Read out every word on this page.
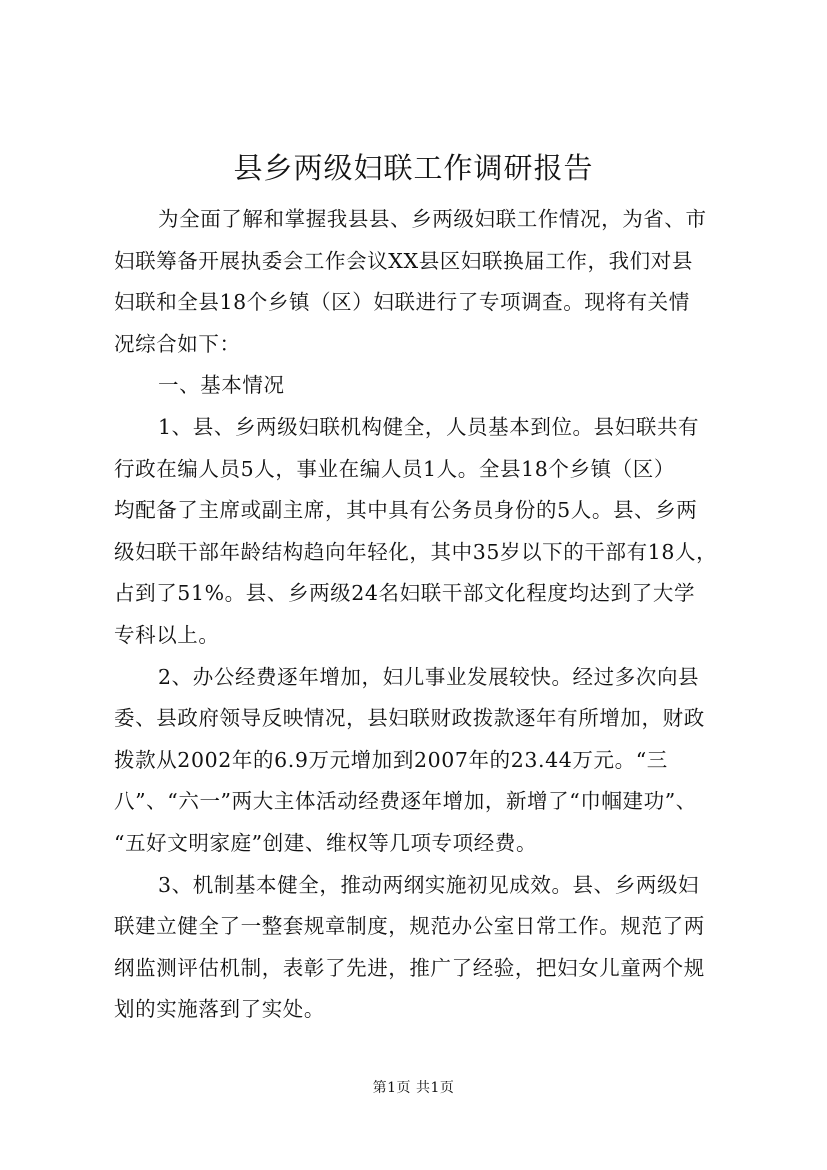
县乡两级妇联工作调研报告
为全面了解和掌握我县县、乡两级妇联工作情况，为省、市
妇联筹备开展执委会工作会议XX县区妇联换届工作，我们对县
妇联和全县18个乡镇（区）妇联进行了专项调查。现将有关情
况综合如下：
一、基本情况
1、县、乡两级妇联机构健全，人员基本到位。县妇联共有
行政在编人员5人，事业在编人员1人。全县18个乡镇（区）
均配备了主席或副主席，其中具有公务员身份的5人。县、乡两
级妇联干部年龄结构趋向年轻化，其中35岁以下的干部有18人，
占到了51%。县、乡两级24名妇联干部文化程度均达到了大学
专科以上。
2、办公经费逐年增加，妇儿事业发展较快。经过多次向县
委、县政府领导反映情况，县妇联财政拨款逐年有所增加，财政
拨款从2002年的6.9万元增加到2007年的23.44万元。“三
八”、“六一”两大主体活动经费逐年增加，新增了“巾帼建功”、
“五好文明家庭”创建、维权等几项专项经费。
3、机制基本健全，推动两纲实施初见成效。县、乡两级妇
联建立健全了一整套规章制度，规范办公室日常工作。规范了两
纲监测评估机制，表彰了先进，推广了经验，把妇女儿童两个规
划的实施落到了实处。
第1页 共1页
